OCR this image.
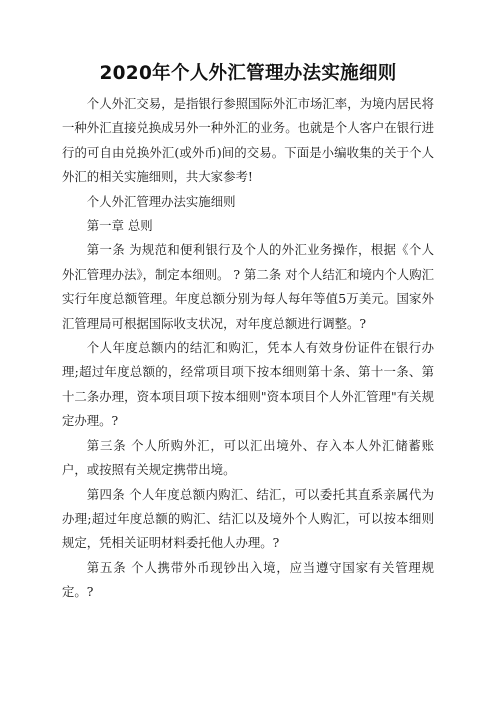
2020年个人外汇管理办法实施细则

个人外汇交易，是指银行参照国际外汇市场汇率，为境内居民将一种外汇直接兑换成另外一种外汇的业务。也就是个人客户在银行进行的可自由兑换外汇(或外币)间的交易。下面是小编收集的关于个人外汇的相关实施细则，共大家参考!

个人外汇管理办法实施细则

第一章 总则

第一条 为规范和便利银行及个人的外汇业务操作，根据《个人外汇管理办法》，制定本细则。 ? 第二条 对个人结汇和境内个人购汇实行年度总额管理。年度总额分别为每人每年等值5万美元。国家外汇管理局可根据国际收支状况，对年度总额进行调整。?

个人年度总额内的结汇和购汇，凭本人有效身份证件在银行办理;超过年度总额的，经常项目项下按本细则第十条、第十一条、第十二条办理，资本项目项下按本细则"资本项目个人外汇管理"有关规定办理。?

第三条 个人所购外汇，可以汇出境外、存入本人外汇储蓄账户，或按照有关规定携带出境。

第四条 个人年度总额内购汇、结汇，可以委托其直系亲属代为办理;超过年度总额的购汇、结汇以及境外个人购汇，可以按本细则规定，凭相关证明材料委托他人办理。?

第五条 个人携带外币现钞出入境，应当遵守国家有关管理规定。?
